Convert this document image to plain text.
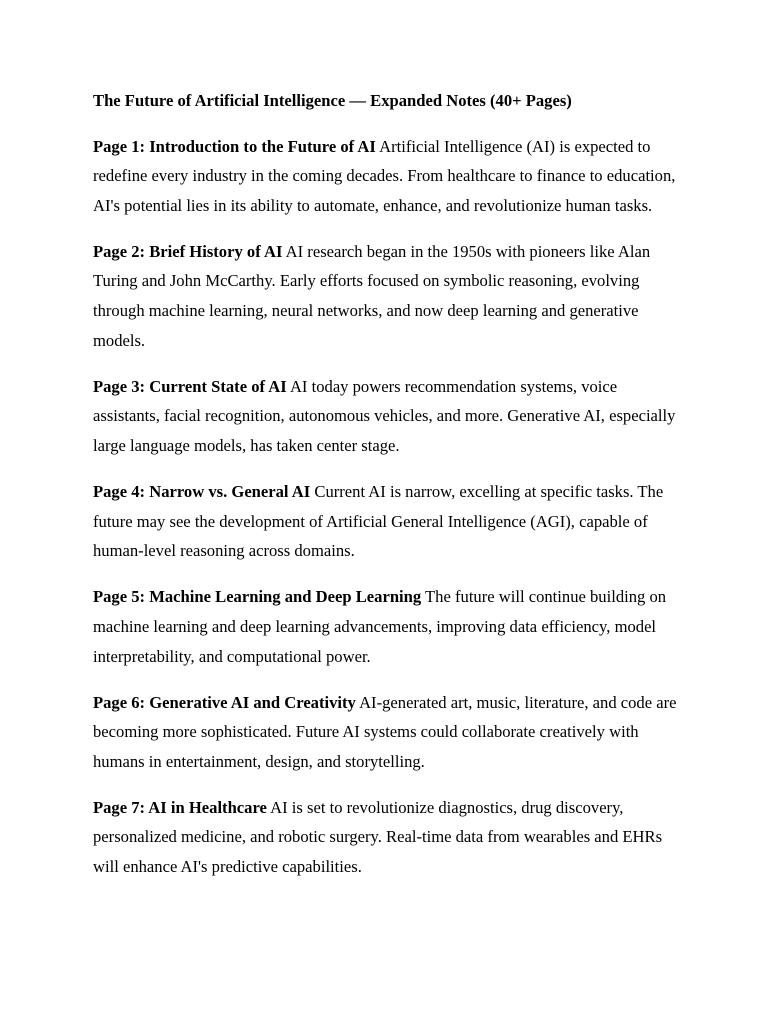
The Future of Artificial Intelligence — Expanded Notes (40+ Pages)

Page 1: Introduction to the Future of AI Artificial Intelligence (AI) is expected to redefine every industry in the coming decades. From healthcare to finance to education, AI's potential lies in its ability to automate, enhance, and revolutionize human tasks.

Page 2: Brief History of AI AI research began in the 1950s with pioneers like Alan Turing and John McCarthy. Early efforts focused on symbolic reasoning, evolving through machine learning, neural networks, and now deep learning and generative models.

Page 3: Current State of AI AI today powers recommendation systems, voice assistants, facial recognition, autonomous vehicles, and more. Generative AI, especially large language models, has taken center stage.

Page 4: Narrow vs. General AI Current AI is narrow, excelling at specific tasks. The future may see the development of Artificial General Intelligence (AGI), capable of human-level reasoning across domains.

Page 5: Machine Learning and Deep Learning The future will continue building on machine learning and deep learning advancements, improving data efficiency, model interpretability, and computational power.

Page 6: Generative AI and Creativity AI-generated art, music, literature, and code are becoming more sophisticated. Future AI systems could collaborate creatively with humans in entertainment, design, and storytelling.

Page 7: AI in Healthcare AI is set to revolutionize diagnostics, drug discovery, personalized medicine, and robotic surgery. Real-time data from wearables and EHRs will enhance AI's predictive capabilities.
